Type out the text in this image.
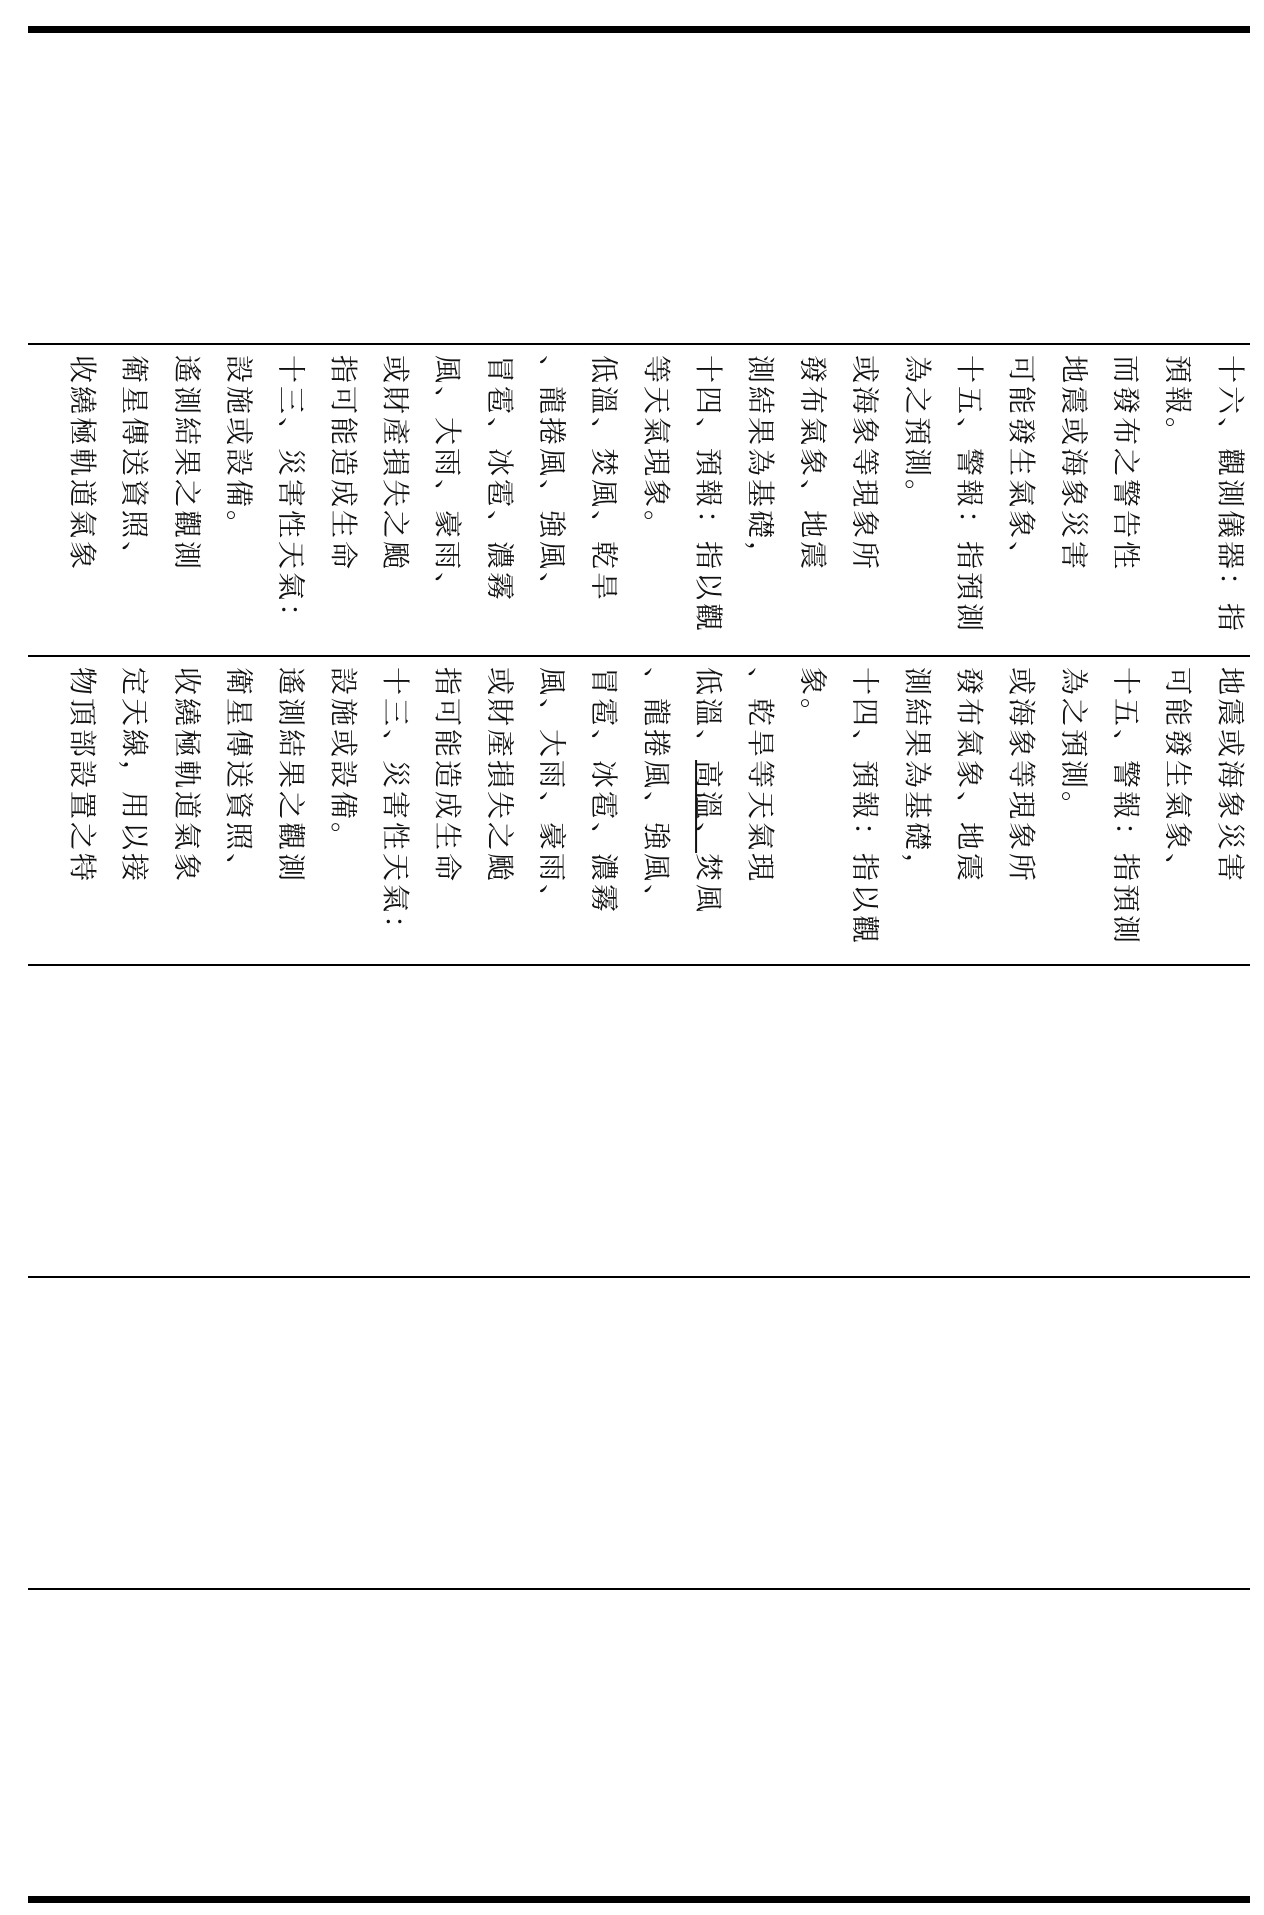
收繞極軌道氣象 衛星傳送資照、 遙測結果之觀測 設施或設備。 十三、災害性天氣： 指可能造成生命 或財產損失之颱 風、大雨、豪雨、 冒雹、冰雹、濃霧 、龍捲風、強風、 低溫、焚風、乾旱 等天氣現象。 十四、預報：指以觀 測結果為基礎， 發布氣象、地震 或海象等現象所 為之預測。 十五、警報：指預測 可能發生氣象、 地震或海象災害 而發布之警告性 預報。 十六、觀測儀器：指
物頂部設置之特 定天線，用以接 收繞極軌道氣象 衛星傳送資照、 遙測結果之觀測 設施或設備。 十三、災害性天氣： 指可能造成生命 或財產損失之颱 風、大雨、豪雨、 冒雹、冰雹、濃霧 、龍捲風、強風、 低溫、高溫、焚風
、乾旱等天氣現 象。 十四、預報：指以觀 測結果為基礎， 發布氣象、地震 或海象等現象所 為之預測。 十五、警報：指預測 可能發生氣象、 地震或海象災害
